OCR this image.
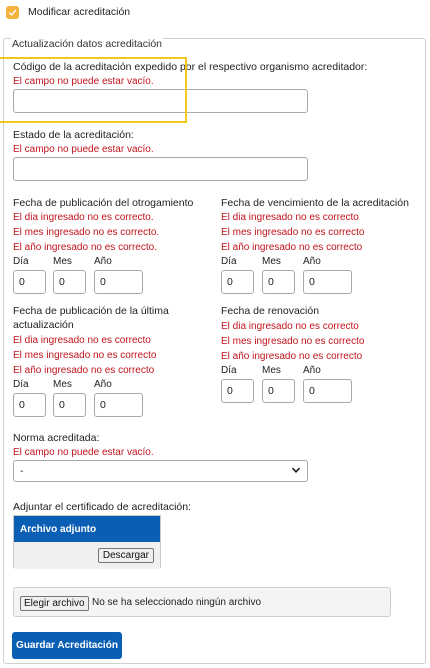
Modificar acreditación
Actualización datos acreditación
Código de la acreditación expedido por el respectivo organismo acreditador:
El campo no puede estar vacío.
Estado de la acreditación:
El campo no puede estar vacío.
Fecha de publicación del otrogamiento
El dia ingresado no es correcto.
El mes ingresado no es correcto.
El año ingresado no es correcto.
Día Mes Año
0	0	0
Fecha de vencimiento de la acreditación
El dia ingresado no es correcto
El mes ingresado no es correcto
El año ingresado no es correcto
Día	Mes Año
0	0	0
Fecha de publicación de la última
actualización
El dia ingresado no es correcto
El mes ingresado no es correcto
El año ingresado no es correcto
Día Mes Año
0	0	0
Fecha de renovación
El dia ingresado no es correcto
El mes ingresado no es correcto
El año ingresado no es correcto
Día	Mes Año
0	0	0
Norma acreditada:
El campo no puede estar vacío.
-
Adjuntar el certificado de acreditación:
Archivo adjunto
Descargar
Elegir archivo No se ha seleccionado ningún archivo
Guardar Acreditación
